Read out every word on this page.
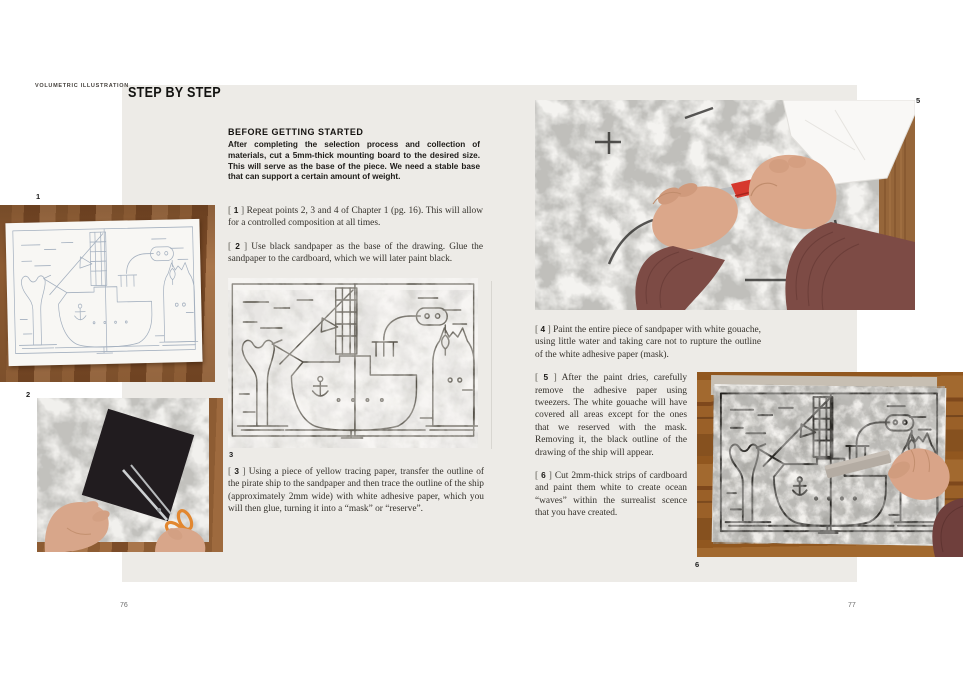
VOLUMETRIC ILLUSTRATION STEP BY STEP
BEFORE GETTING STARTED

After completing the selection process and collection of materials, cut a 5mm-thick mounting board to the desired size. This will serve as the base of the piece. We need a stable base that can support a certain amount of weight.

1

[ 1 ] Repeat points 2, 3 and 4 of Chapter 1 (pg. 16). This will allow for a controlled composition at all times.

[ 2 ] Use black sandpaper as the base of the drawing. Glue the sandpaper to the cardboard, which we will later paint black.

2
3

[ 3 ] Using a piece of yellow tracing paper, transfer the outline of the pirate ship to the sandpaper and then trace the outline of the ship (approximately 2mm wide) with white adhesive paper, which you will then glue, turning it into a “mask” or “reserve”.

5

[ 4 ] Paint the entire piece of sandpaper with white gouache, using little water and taking care not to rupture the outline of the white adhesive paper (mask).

[ 5 ] After the paint dries, carefully remove the adhesive paper using tweezers. The white gouache will have covered all areas except for the ones that we reserved with the mask. Removing it, the black outline of the drawing of the ship will appear.

[ 6 ] Cut 2mm-thick strips of cardboard and paint them white to create ocean “waves” within the surrealist scence that you have created.

6
76	77
